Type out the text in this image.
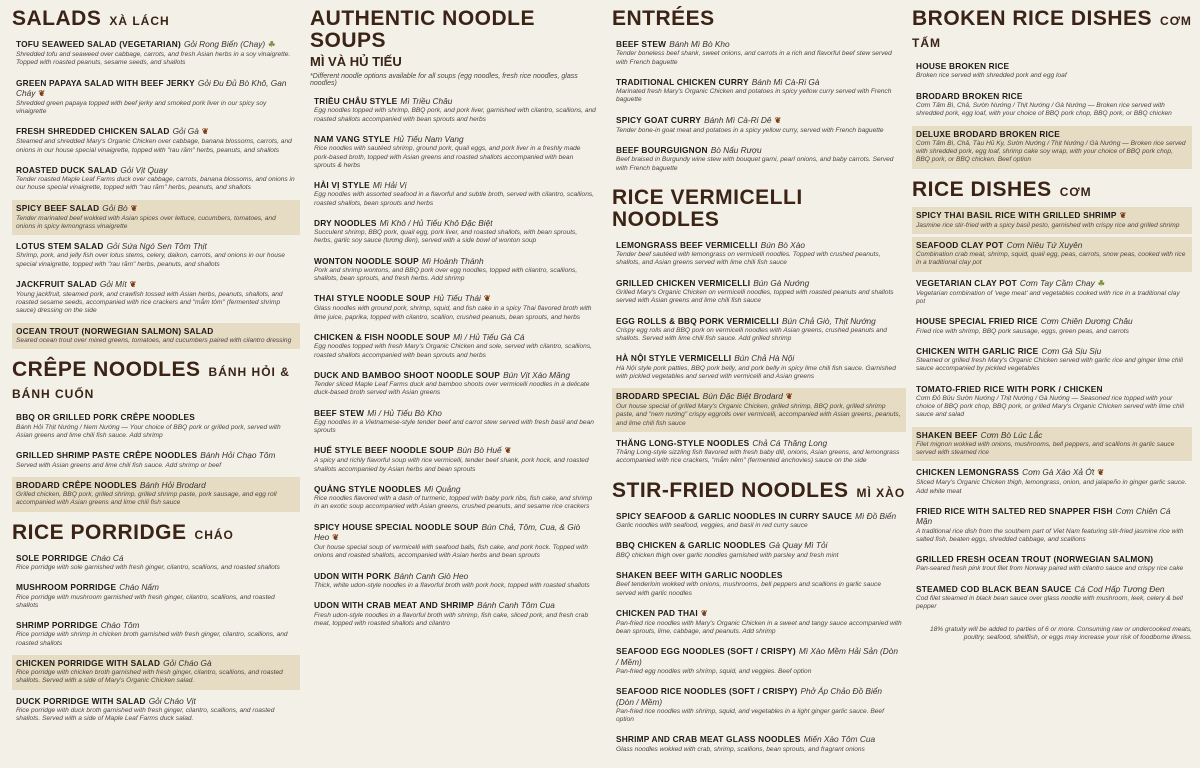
SALADS XÀ LÁCH
TOFU SEAWEED SALAD (VEGETARIAN) Gỏi Rong Biển (Chay) ☘
Shredded tofu and seaweed over cabbage, carrots, and fresh Asian herbs in a soy vinaigrette. Topped with roasted peanuts, sesame seeds, and shallots
GREEN PAPAYA SALAD WITH BEEF JERKY Gỏi Đu Đủ Bò Khô, Gan Cháy ❦
Shredded green papaya topped with beef jerky and smoked pork liver in our spicy soy vinaigrette
FRESH SHREDDED CHICKEN SALAD Gỏi Gà ❦
Steamed and shredded Mary's Organic Chicken over cabbage, banana blossoms, carrots, and onions in our house special vinaigrette, topped with "rau răm" herbs, peanuts, and shallots
ROASTED DUCK SALAD Gỏi Vịt Quay
Tender roasted Maple Leaf Farms duck over cabbage, carrots, banana blossoms, and onions in our house special vinaigrette, topped with "rau răm" herbs, peanuts, and shallots
SPICY BEEF SALAD Gỏi Bò ❦
Tender marinated beef wokked with Asian spices over lettuce, cucumbers, tomatoes, and onions in spicy lemongrass vinaigrette
LOTUS STEM SALAD Gỏi Sứa Ngó Sen Tôm Thịt
Shrimp, pork, and jelly fish over lotus stems, celery, daikon, carrots, and onions in our house special vinaigrette, topped with "rau răm" herbs, peanuts, and shallots
JACKFRUIT SALAD Gỏi Mít ❦
Young jackfruit, steamed pork, and crawfish tossed with Asian herbs, peanuts, shallots, and roasted sesame seeds, accompanied with rice crackers and "mắm tôm" (fermented shrimp sauce) dressing on the side
OCEAN TROUT (NORWEGIAN SALMON) SALAD
Seared ocean trout over mixed greens, tomatoes, and cucumbers paired with cilantro dressing
CRÊPE NOODLES BÁNH HỎI & BÁNH CUỐN
BBQ OR GRILLED PORK CRÊPE NOODLES
Bánh Hỏi Thịt Nướng / Nem Nướng — Your choice of BBQ pork or grilled pork, served with Asian greens and lime chili fish sauce. Add shrimp
GRILLED SHRIMP PASTE CRÊPE NOODLES Bánh Hỏi Chạo Tôm
Served with Asian greens and lime chili fish sauce. Add shrimp or beef
BRODARD CRÊPE NOODLES Bánh Hỏi Brodard
Grilled chicken, BBQ pork, grilled shrimp, grilled shrimp paste, pork sausage, and egg roll accompanied with Asian greens and lime chili fish sauce
RICE PORRIDGE CHÁO
SOLE PORRIDGE Cháo Cá
Rice porridge with sole garnished with fresh ginger, cilantro, scallions, and roasted shallots
MUSHROOM PORRIDGE Cháo Nấm
Rice porridge with mushroom garnished with fresh ginger, cilantro, scallions, and roasted shallots
SHRIMP PORRIDGE Cháo Tôm
Rice porridge with shrimp in chicken broth garnished with fresh ginger, cilantro, scallions, and roasted shallots
CHICKEN PORRIDGE WITH SALAD Gỏi Cháo Gà
Rice porridge with chicken broth garnished with fresh ginger, cilantro, scallions, and roasted shallots. Served with a side of Mary's Organic Chicken salad.
DUCK PORRIDGE WITH SALAD Gỏi Cháo Vịt
Rice porridge with duck broth garnished with fresh ginger, cilantro, scallions, and roasted shallots. Served with a side of Maple Leaf Farms duck salad.
AUTHENTIC NOODLE SOUPS
MÌ VÀ HỦ TIẾU
*Different noodle options available for all soups (egg noodles, fresh rice noodles, glass noodles)
TRIỀU CHÂU STYLE Mì Triều Châu
Egg noodles topped with shrimp, BBQ pork, and pork liver, garnished with cilantro, scallions, and roasted shallots accompanied with bean sprouts and herbs
NAM VANG STYLE Hủ Tiếu Nam Vang
Rice noodles with sautéed shrimp, ground pork, quail eggs, and pork liver in a freshly made pork-based broth, topped with Asian greens and roasted shallots accompanied with bean sprouts & herbs
HẢI VỊ STYLE Mì Hải Vị
Egg noodles with assorted seafood in a flavorful and subtle broth, served with cilantro, scallions, roasted shallots, bean sprouts and herbs
DRY NOODLES Mì Khô / Hủ Tiếu Khô Đặc Biệt
Succulent shrimp, BBQ pork, quail egg, pork liver, and roasted shallots, with bean sprouts, herbs, garlic soy sauce (tương đen), served with a side bowl of wonton soup
WONTON NOODLE SOUP Mì Hoành Thánh
Pork and shrimp wontons, and BBQ pork over egg noodles, topped with cilantro, scallions, shallots, bean sprouts, and fresh herbs. Add shrimp
THAI STYLE NOODLE SOUP Hủ Tiếu Thái ❦
Glass noodles with ground pork, shrimp, squid, and fish cake in a spicy Thai flavored broth with lime juice, paprika, topped with cilantro, scallion, crushed peanuts, bean sprouts, and herbs
CHICKEN & FISH NOODLE SOUP Mì / Hủ Tiếu Gà Cá
Egg noodles topped with fresh Mary's Organic Chicken and sole, served with cilantro, scallions, roasted shallots accompanied with bean sprouts and herbs
DUCK AND BAMBOO SHOOT NOODLE SOUP Bún Vịt Xáo Măng
Tender sliced Maple Leaf Farms duck and bamboo shoots over vermicelli noodles in a delicate duck-based broth served with Asian greens
BEEF STEW Mì / Hủ Tiếu Bò Kho
Egg noodles in a Vietnamese-style tender beef and carrot stew served with fresh basil and bean sprouts
HUẾ STYLE BEEF NOODLE SOUP Bún Bò Huế ❦
A spicy and richly flavorful soup with rice vermicelli, tender beef shank, pork hock, and roasted shallots accompanied by Asian herbs and bean sprouts
QUẢNG STYLE NOODLES Mì Quảng
Rice noodles flavored with a dash of turmeric, topped with baby pork ribs, fish cake, and shrimp in an exotic soup accompanied with Asian greens, crushed peanuts, and sesame rice crackers
SPICY HOUSE SPECIAL NOODLE SOUP Bún Chả, Tôm, Cua, & Giò Heo ❦
Our house special soup of vermicelli with seafood balls, fish cake, and pork hock. Topped with onions and roasted shallots, accompanied with Asian herbs and bean sprouts
UDON WITH PORK Bánh Canh Giò Heo
Thick, white udon-style noodles in a flavorful broth with pork hock, topped with roasted shallots
UDON WITH CRAB MEAT AND SHRIMP Bánh Canh Tôm Cua
Fresh udon-style noodles in a flavorful broth with shrimp, fish cake, sliced pork, and fresh crab meat, topped with roasted shallots and cilantro
ENTRÉES
BEEF STEW Bánh Mì Bò Kho
Tender boneless beef shank, sweet onions, and carrots in a rich and flavorful beef stew served with French baguette
TRADITIONAL CHICKEN CURRY Bánh Mì Cà-Ri Gà
Marinated fresh Mary's Organic Chicken and potatoes in spicy yellow curry served with French baguette
SPICY GOAT CURRY Bánh Mì Cà-Ri Dê ❦
Tender bone-in goat meat and potatoes in a spicy yellow curry, served with French baguette
BEEF BOURGUIGNON Bò Nấu Rượu
Beef braised in Burgundy wine stew with bouquet garni, pearl onions, and baby carrots. Served with French baguette
RICE VERMICELLI NOODLES
LEMONGRASS BEEF VERMICELLI Bún Bò Xào
Tender beef sautéed with lemongrass on vermicelli noodles. Topped with crushed peanuts, shallots, and Asian greens served with lime chili fish sauce
GRILLED CHICKEN VERMICELLI Bún Gà Nướng
Grilled Mary's Organic Chicken on vermicelli noodles, topped with roasted peanuts and shallots served with Asian greens and lime chili fish sauce
EGG ROLLS & BBQ PORK VERMICELLI Bún Chả Giò, Thịt Nướng
Crispy egg rolls and BBQ pork on vermicelli noodles with Asian greens, crushed peanuts and shallots. Served with lime chili fish sauce. Add grilled shrimp
HÀ NỘI STYLE VERMICELLI Bún Chả Hà Nội
Hà Nội style pork patties, BBQ pork belly, and pork belly in spicy lime chili fish sauce. Garnished with pickled vegetables and served with vermicelli and Asian greens
BRODARD SPECIAL Bún Đặc Biệt Brodard ❦
Our house special of grilled Mary's Organic Chicken, grilled shrimp, BBQ pork, grilled shrimp paste, and "nem nướng" crispy eggrolls over vermicelli, accompanied with Asian greens, peanuts, and lime chili fish sauce
THĂNG LONG-STYLE NOODLES Chả Cá Thăng Long
Thăng Long-style sizzling fish flavored with fresh baby dill, onions, Asian greens, and lemongrass accompanied with rice crackers, "mắm nêm" (fermented anchovies) sauce on the side
STIR-FRIED NOODLES MÌ XÀO
SPICY SEAFOOD & GARLIC NOODLES IN CURRY SAUCE Mì Đồ Biển
Garlic noodles with seafood, veggies, and basil in red curry sauce
BBQ CHICKEN & GARLIC NOODLES Gà Quay Mì Tỏi
BBQ chicken thigh over garlic noodles garnished with parsley and fresh mint
SHAKEN BEEF WITH GARLIC NOODLES
Beef tenderloin wokked with onions, mushrooms, bell peppers and scallions in garlic sauce served with garlic noodles
CHICKEN PAD THAI ❦
Pan-fried rice noodles with Mary's Organic Chicken in a sweet and tangy sauce accompanied with bean sprouts, lime, cabbage, and peanuts. Add shrimp
SEAFOOD EGG NOODLES (SOFT / CRISPY) Mì Xào Mềm Hải Sản (Dòn / Mềm)
Pan-fried egg noodles with shrimp, squid, and veggies. Beef option
SEAFOOD RICE NOODLES (SOFT / CRISPY) Phở Áp Chảo Đồ Biển (Dòn / Mềm)
Pan-fried rice noodles with shrimp, squid, and vegetables in a light ginger garlic sauce. Beef option
SHRIMP AND CRAB MEAT GLASS NOODLES Miến Xào Tôm Cua
Glass noodles wokked with crab, shrimp, scallions, bean sprouts, and fragrant onions
BROKEN RICE DISHES CƠM TẤM
HOUSE BROKEN RICE
Broken rice served with shredded pork and egg loaf
BRODARD BROKEN RICE
Cơm Tấm Bì, Chả, Sườn Nướng / Thịt Nướng / Gà Nướng — Broken rice served with shredded pork, egg loaf, with your choice of BBQ pork chop, BBQ pork, or BBQ chicken
DELUXE BRODARD BROKEN RICE
Cơm Tấm Bì, Chả, Tàu Hũ Ky, Sườn Nướng / Thịt Nướng / Gà Nướng — Broken rice served with shredded pork, egg loaf, shrimp cake soy wrap, with your choice of BBQ pork chop, BBQ pork, or BBQ chicken. Beef option
RICE DISHES CƠM
SPICY THAI BASIL RICE WITH GRILLED SHRIMP ❦
Jasmine rice stir-fried with a spicy basil pesto, garnished with crispy rice and grilled shrimp
SEAFOOD CLAY POT Cơm Niêu Tứ Xuyên
Combination crab meat, shrimp, squid, quail egg, peas, carrots, snow peas, cooked with rice in a traditional clay pot
VEGETARIAN CLAY POT Cơm Tay Cầm Chay ☘
Vegetarian combination of 'vege meat' and vegetables cooked with rice in a traditional clay pot
HOUSE SPECIAL FRIED RICE Cơm Chiên Dương Châu
Fried rice with shrimp, BBQ pork sausage, eggs, green peas, and carrots
CHICKEN WITH GARLIC RICE Cơm Gà Sịu Sịu
Steamed or grilled fresh Mary's Organic Chicken served with garlic rice and ginger lime chili sauce accompanied by pickled vegetables
TOMATO-FRIED RICE WITH PORK / CHICKEN
Cơm Đỏ Bửu Sườn Nướng / Thịt Nướng / Gà Nướng — Seasoned rice topped with your choice of BBQ pork chop, BBQ pork, or grilled Mary's Organic Chicken served with lime chili sauce and salad
SHAKEN BEEF Cơm Bò Lúc Lắc
Filet mignon wokked with onions, mushrooms, bell peppers, and scallions in garlic sauce served with steamed rice
CHICKEN LEMONGRASS Cơm Gà Xào Xả Ớt ❦
Sliced Mary's Organic Chicken thigh, lemongrass, onion, and jalapeño in ginger garlic sauce. Add white meat
FRIED RICE WITH SALTED RED SNAPPER FISH Cơm Chiên Cá Mặn
A traditional rice dish from the southern part of Viet Nam featuring stir-fried jasmine rice with salted fish, beaten eggs, shredded cabbage, and scallions
GRILLED FRESH OCEAN TROUT (NORWEGIAN SALMON)
Pan-seared fresh pink trout filet from Norway paired with cilantro sauce and crispy rice cake
STEAMED COD BLACK BEAN SAUCE Cá Cod Hấp Tương Đen
Cod filet steamed in black bean sauce over glass noodle with mushroom, leek, celery & bell pepper
18% gratuity will be added to parties of 6 or more. Consuming raw or undercooked meats, poultry, seafood, shellfish, or eggs may increase your risk of foodborne illness.
